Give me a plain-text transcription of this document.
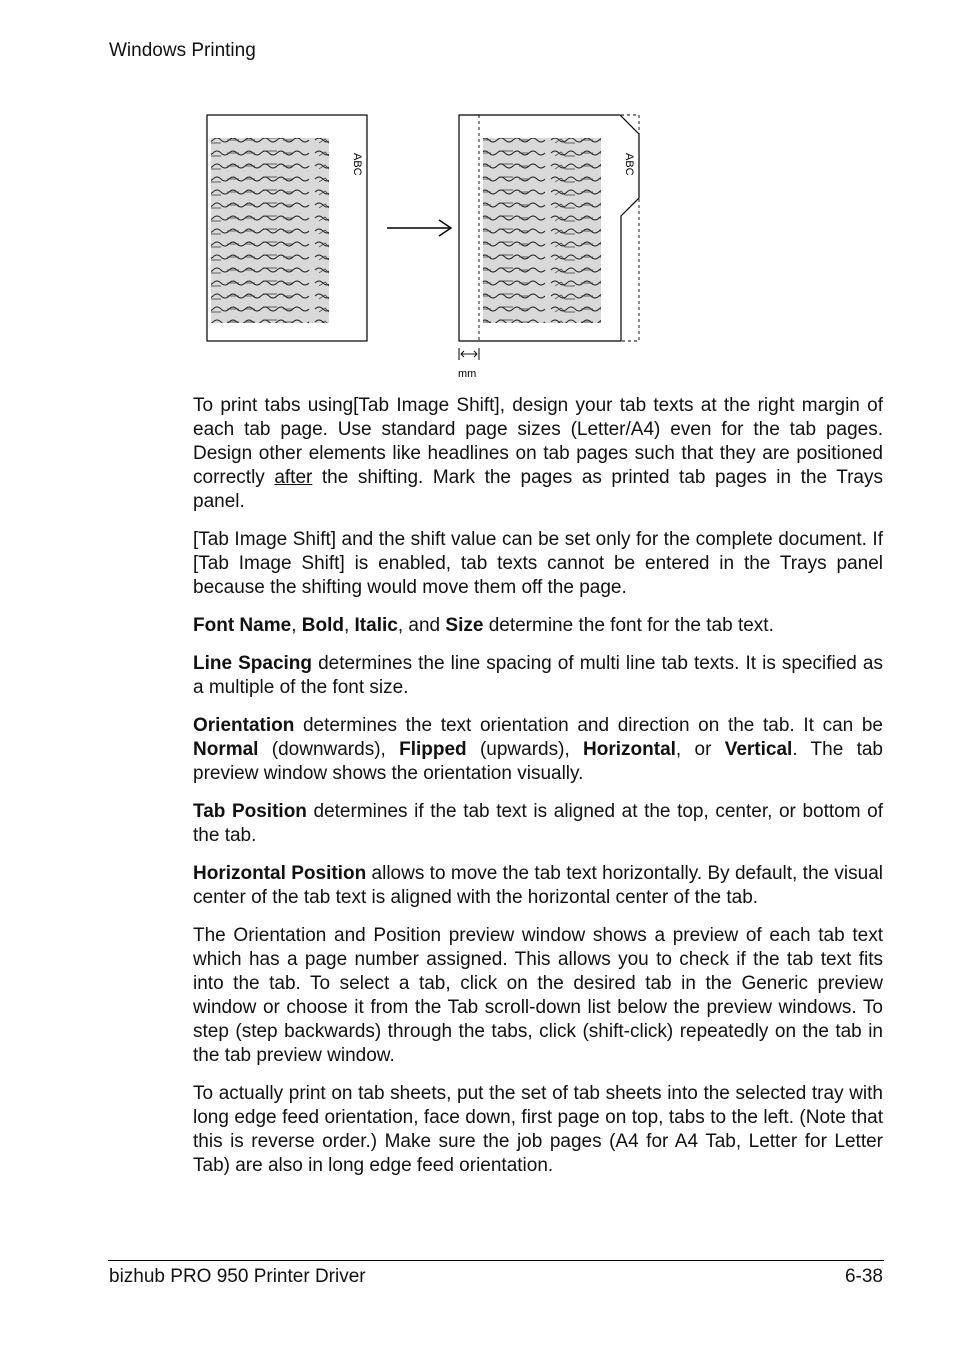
Windows Printing
ABC	ABC
mm

To print tabs using[Tab Image Shift], design your tab texts at the right margin of each tab page. Use standard page sizes (Letter/A4) even for the tab pages. Design other elements like headlines on tab pages such that they are positioned correctly after the shifting. Mark the pages as printed tab pages in the Trays panel.

[Tab Image Shift] and the shift value can be set only for the complete document. If [Tab Image Shift] is enabled, tab texts cannot be entered in the Trays panel because the shifting would move them off the page.

Font Name, Bold, Italic, and Size determine the font for the tab text.

Line Spacing determines the line spacing of multi line tab texts. It is specified as a multiple of the font size.

Orientation determines the text orientation and direction on the tab. It can be Normal (downwards), Flipped (upwards), Horizontal, or Vertical. The tab preview window shows the orientation visually.

Tab Position determines if the tab text is aligned at the top, center, or bottom of the tab.

Horizontal Position allows to move the tab text horizontally. By default, the visual center of the tab text is aligned with the horizontal center of the tab.

The Orientation and Position preview window shows a preview of each tab text which has a page number assigned. This allows you to check if the tab text fits into the tab. To select a tab, click on the desired tab in the Generic preview window or choose it from the Tab scroll-down list below the preview windows. To step (step backwards) through the tabs, click (shift-click) repeatedly on the tab in the tab preview window.

To actually print on tab sheets, put the set of tab sheets into the selected tray with long edge feed orientation, face down, first page on top, tabs to the left. (Note that this is reverse order.) Make sure the job pages (A4 for A4 Tab, Letter for Letter Tab) are also in long edge feed orientation.

bizhub PRO 950 Printer Driver	6-38
